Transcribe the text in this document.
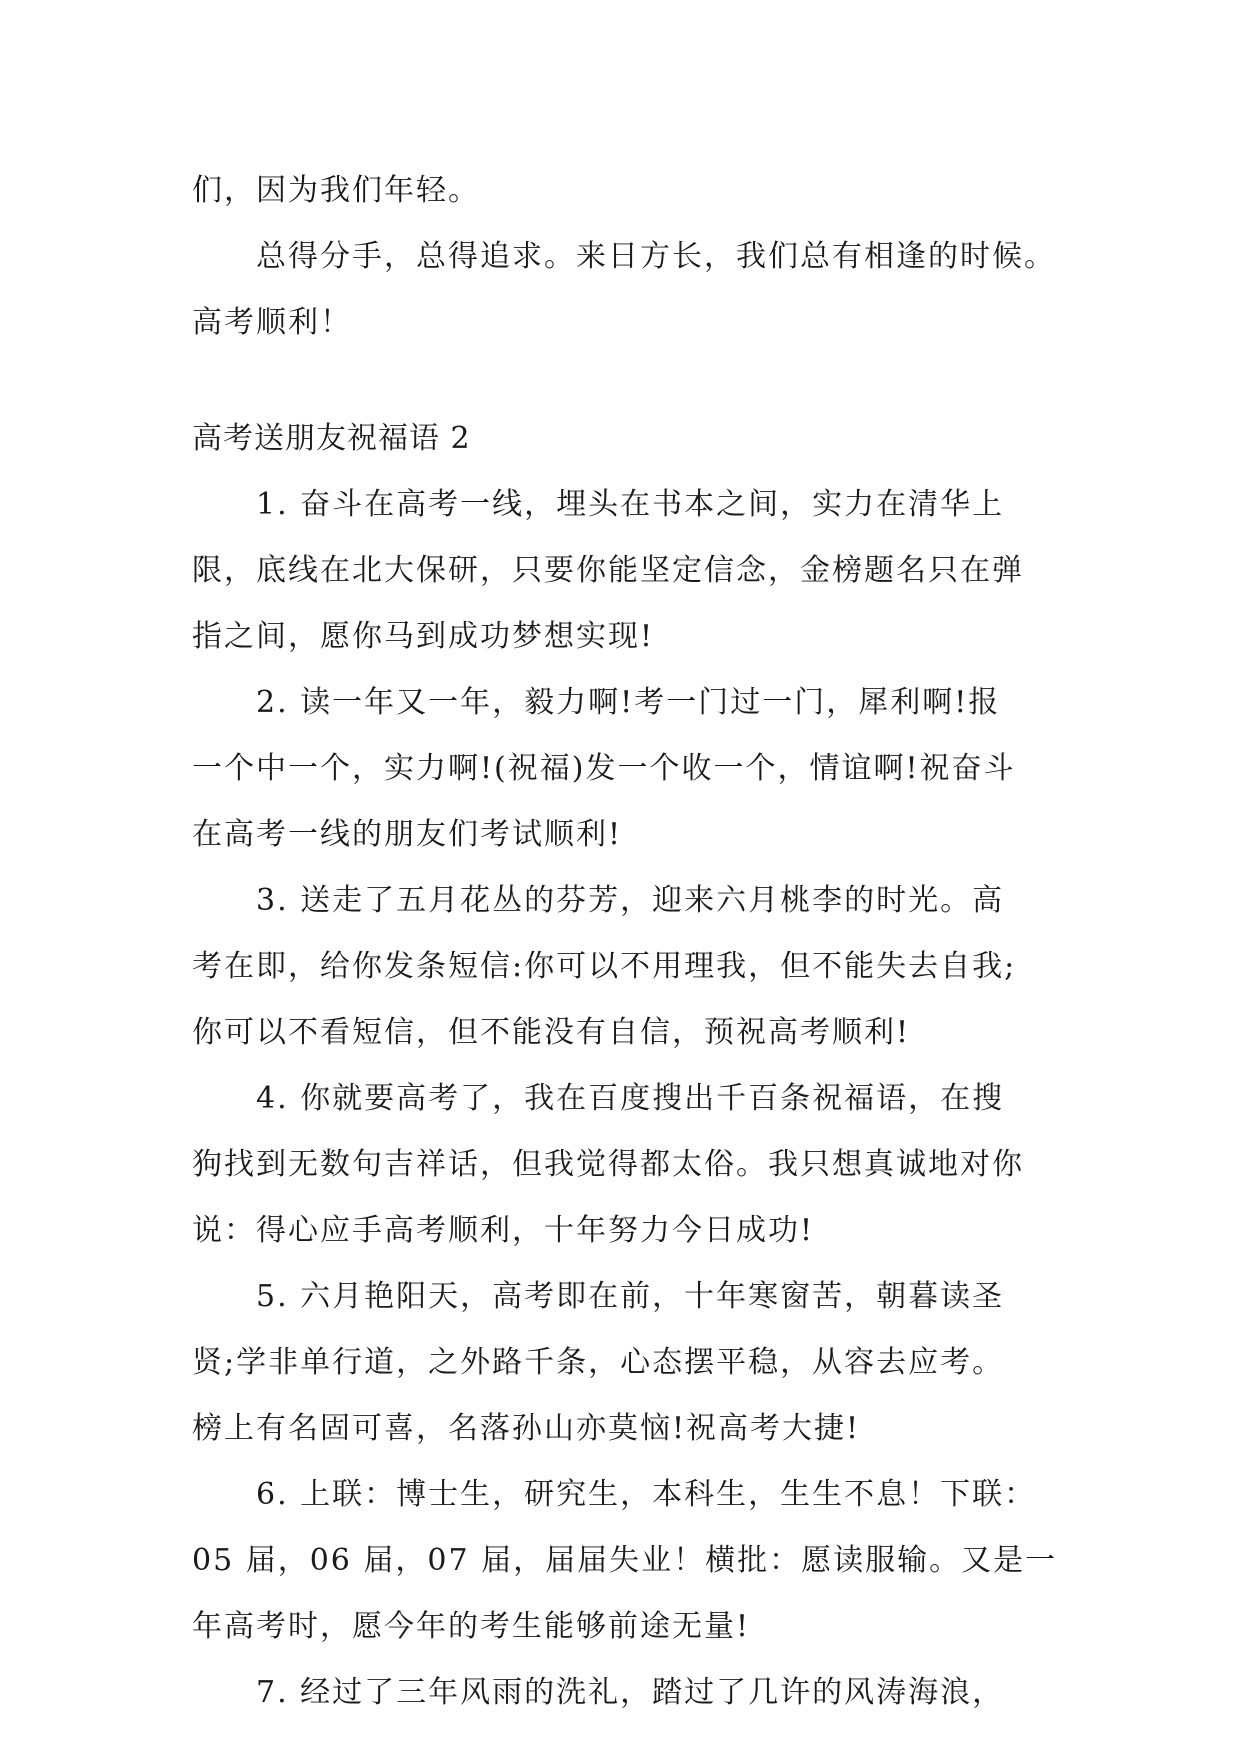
们，因为我们年轻。
总得分手，总得追求。来日方长，我们总有相逢的时候。
高考顺利！
高考送朋友祝福语 2
1. 奋斗在高考一线，埋头在书本之间，实力在清华上
限，底线在北大保研，只要你能坚定信念，金榜题名只在弹
指之间，愿你马到成功梦想实现!
2. 读一年又一年，毅力啊!考一门过一门，犀利啊!报
一个中一个，实力啊!(祝福)发一个收一个，情谊啊!祝奋斗
在高考一线的朋友们考试顺利!
3. 送走了五月花丛的芬芳，迎来六月桃李的时光。高
考在即，给你发条短信:你可以不用理我，但不能失去自我;
你可以不看短信，但不能没有自信，预祝高考顺利!
4. 你就要高考了，我在百度搜出千百条祝福语，在搜
狗找到无数句吉祥话，但我觉得都太俗。我只想真诚地对你
说：得心应手高考顺利，十年努力今日成功!
5. 六月艳阳天，高考即在前，十年寒窗苦，朝暮读圣
贤;学非单行道，之外路千条，心态摆平稳，从容去应考。
榜上有名固可喜，名落孙山亦莫恼!祝高考大捷!
6. 上联：博士生，研究生，本科生，生生不息！下联：
05 届，06 届，07 届，届届失业！横批：愿读服输。又是一
年高考时，愿今年的考生能够前途无量!
7. 经过了三年风雨的洗礼，踏过了几许的风涛海浪，
